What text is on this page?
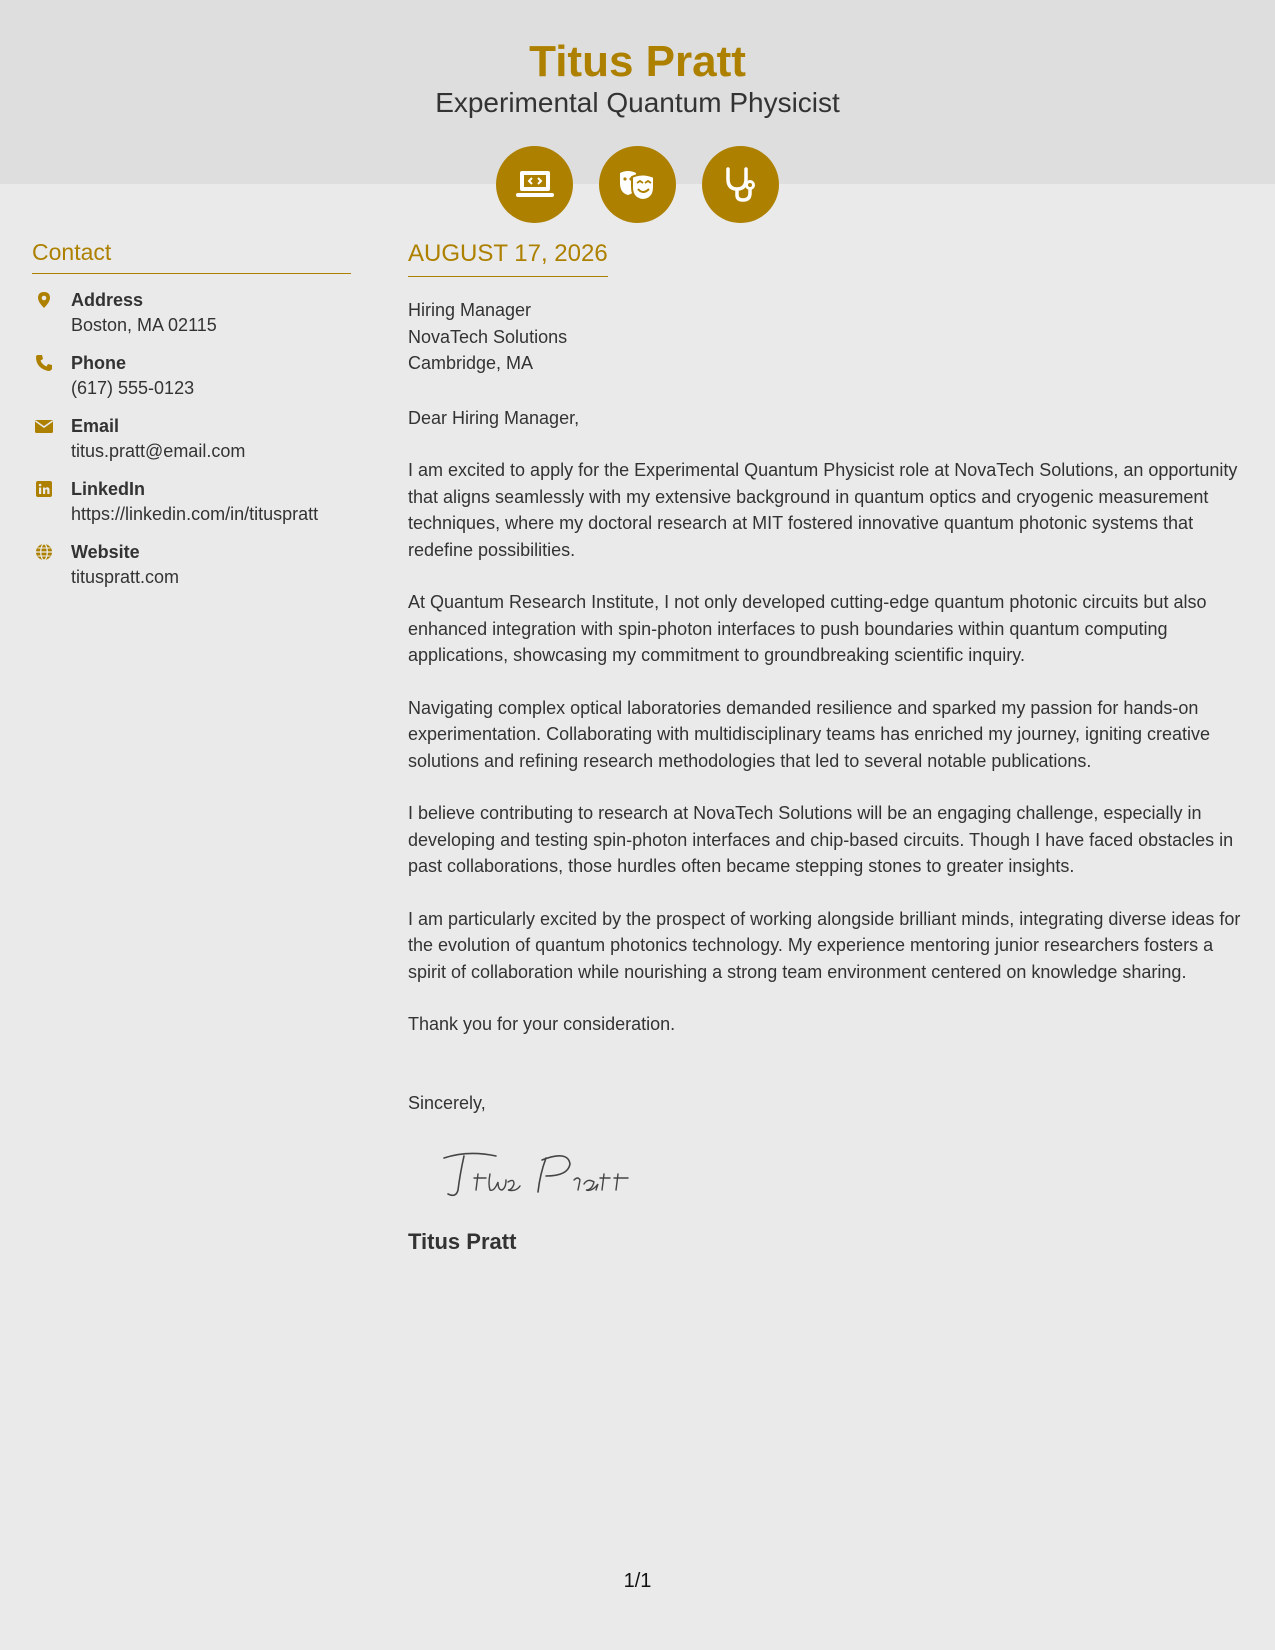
Titus Pratt
Experimental Quantum Physicist
Contact
Address
Boston, MA 02115
Phone
(617) 555-0123
Email
titus.pratt@email.com
LinkedIn
https://linkedin.com/in/tituspratt
Website
tituspratt.com
AUGUST 17, 2026
Hiring Manager
NovaTech Solutions
Cambridge, MA

Dear Hiring Manager,

I am excited to apply for the Experimental Quantum Physicist role at NovaTech Solutions, an opportunity that aligns seamlessly with my extensive background in quantum optics and cryogenic measurement techniques, where my doctoral research at MIT fostered innovative quantum photonic systems that redefine possibilities.

At Quantum Research Institute, I not only developed cutting-edge quantum photonic circuits but also enhanced integration with spin-photon interfaces to push boundaries within quantum computing applications, showcasing my commitment to groundbreaking scientific inquiry.

Navigating complex optical laboratories demanded resilience and sparked my passion for hands-on experimentation. Collaborating with multidisciplinary teams has enriched my journey, igniting creative solutions and refining research methodologies that led to several notable publications.

I believe contributing to research at NovaTech Solutions will be an engaging challenge, especially in developing and testing spin-photon interfaces and chip-based circuits. Though I have faced obstacles in past collaborations, those hurdles often became stepping stones to greater insights.

I am particularly excited by the prospect of working alongside brilliant minds, integrating diverse ideas for the evolution of quantum photonics technology. My experience mentoring junior researchers fosters a spirit of collaboration while nourishing a strong team environment centered on knowledge sharing.

Thank you for your consideration.

Sincerely,
Titus Pratt
1/1
